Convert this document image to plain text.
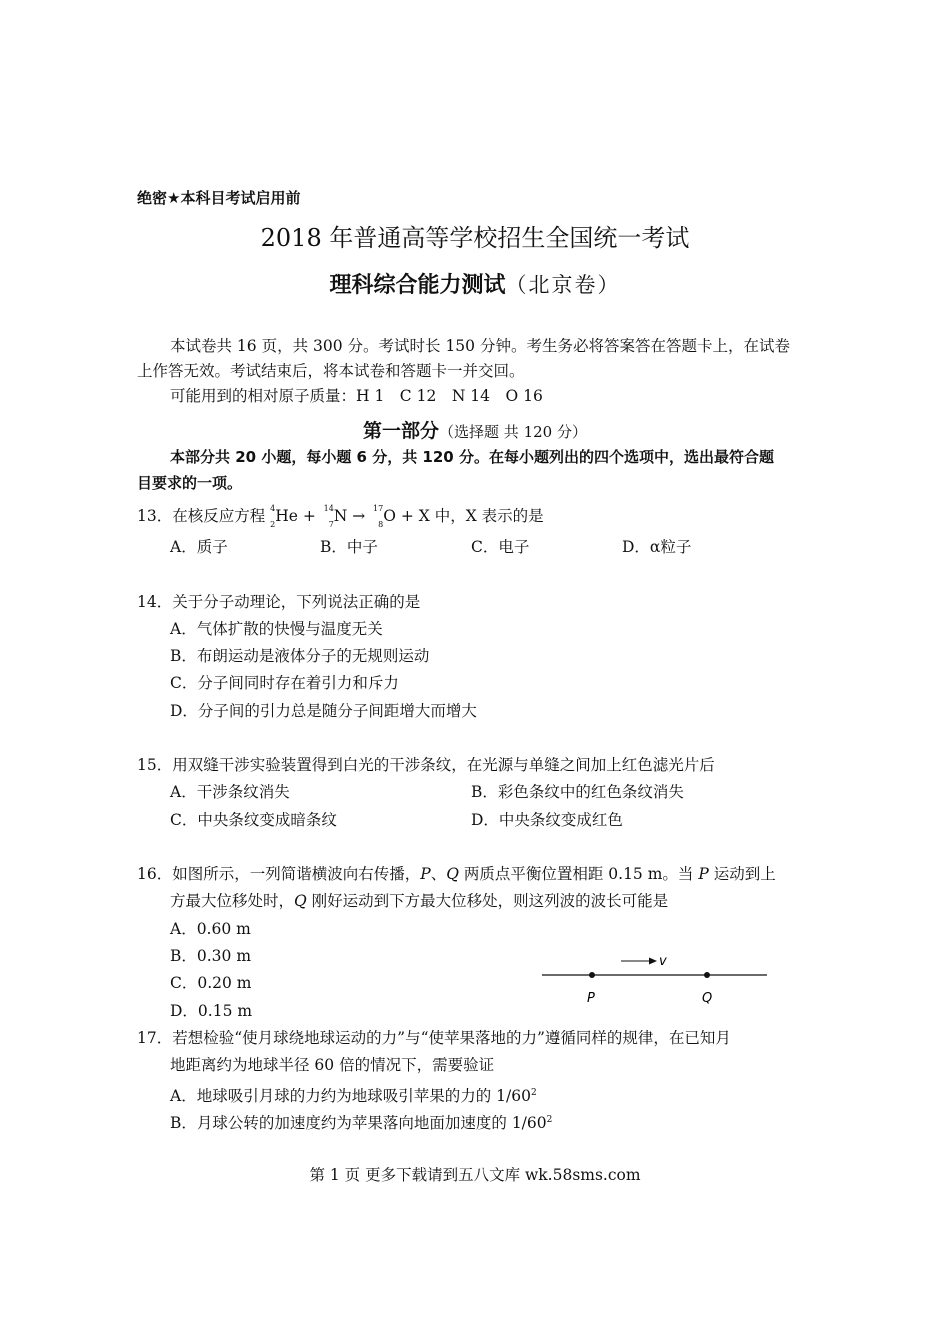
绝密★本科目考试启用前
2018 年普通高等学校招生全国统一考试
理科综合能力测试（北京卷）
本试卷共 16 页，共 300 分。考试时长 150 分钟。考生务必将答案答在答题卡上，在试卷
上作答无效。考试结束后，将本试卷和答题卡一并交回。
可能用到的相对原子质量：H 1　C 12　N 14　O 16
第一部分（选择题 共 120 分）
本部分共 20 小题，每小题 6 分，共 120 分。在每小题列出的四个选项中，选出最符合题
目要求的一项。
13．在核反应方程 4
2 He + 14
7 N → 17
8 O + X 中，X 表示的是
A．质子	B．中子	C．电子	D．α粒子
14．关于分子动理论，下列说法正确的是
A．气体扩散的快慢与温度无关
B．布朗运动是液体分子的无规则运动
C．分子间同时存在着引力和斥力
D．分子间的引力总是随分子间距增大而增大
15．用双缝干涉实验装置得到白光的干涉条纹，在光源与单缝之间加上红色滤光片后
A．干涉条纹消失	B．彩色条纹中的红色条纹消失
C．中央条纹变成暗条纹	D．中央条纹变成红色
16．如图所示，一列简谐横波向右传播，P、Q 两质点平衡位置相距 0.15 m。当 P 运动到上
方最大位移处时，Q 刚好运动到下方最大位移处，则这列波的波长可能是
A．0.60 m
B．0.30 m
C．0.20 m
D．0.15 m
v
P	Q
17．若想检验“使月球绕地球运动的力”与“使苹果落地的力”遵循同样的规律，在已知月
地距离约为地球半径 60 倍的情况下，需要验证
A．地球吸引月球的力约为地球吸引苹果的力的 $1/60^2$
B．月球公转的加速度约为苹果落向地面加速度的 $1/60^2$
第 1 页 更多下载请到五八文库 wk.58sms.com
